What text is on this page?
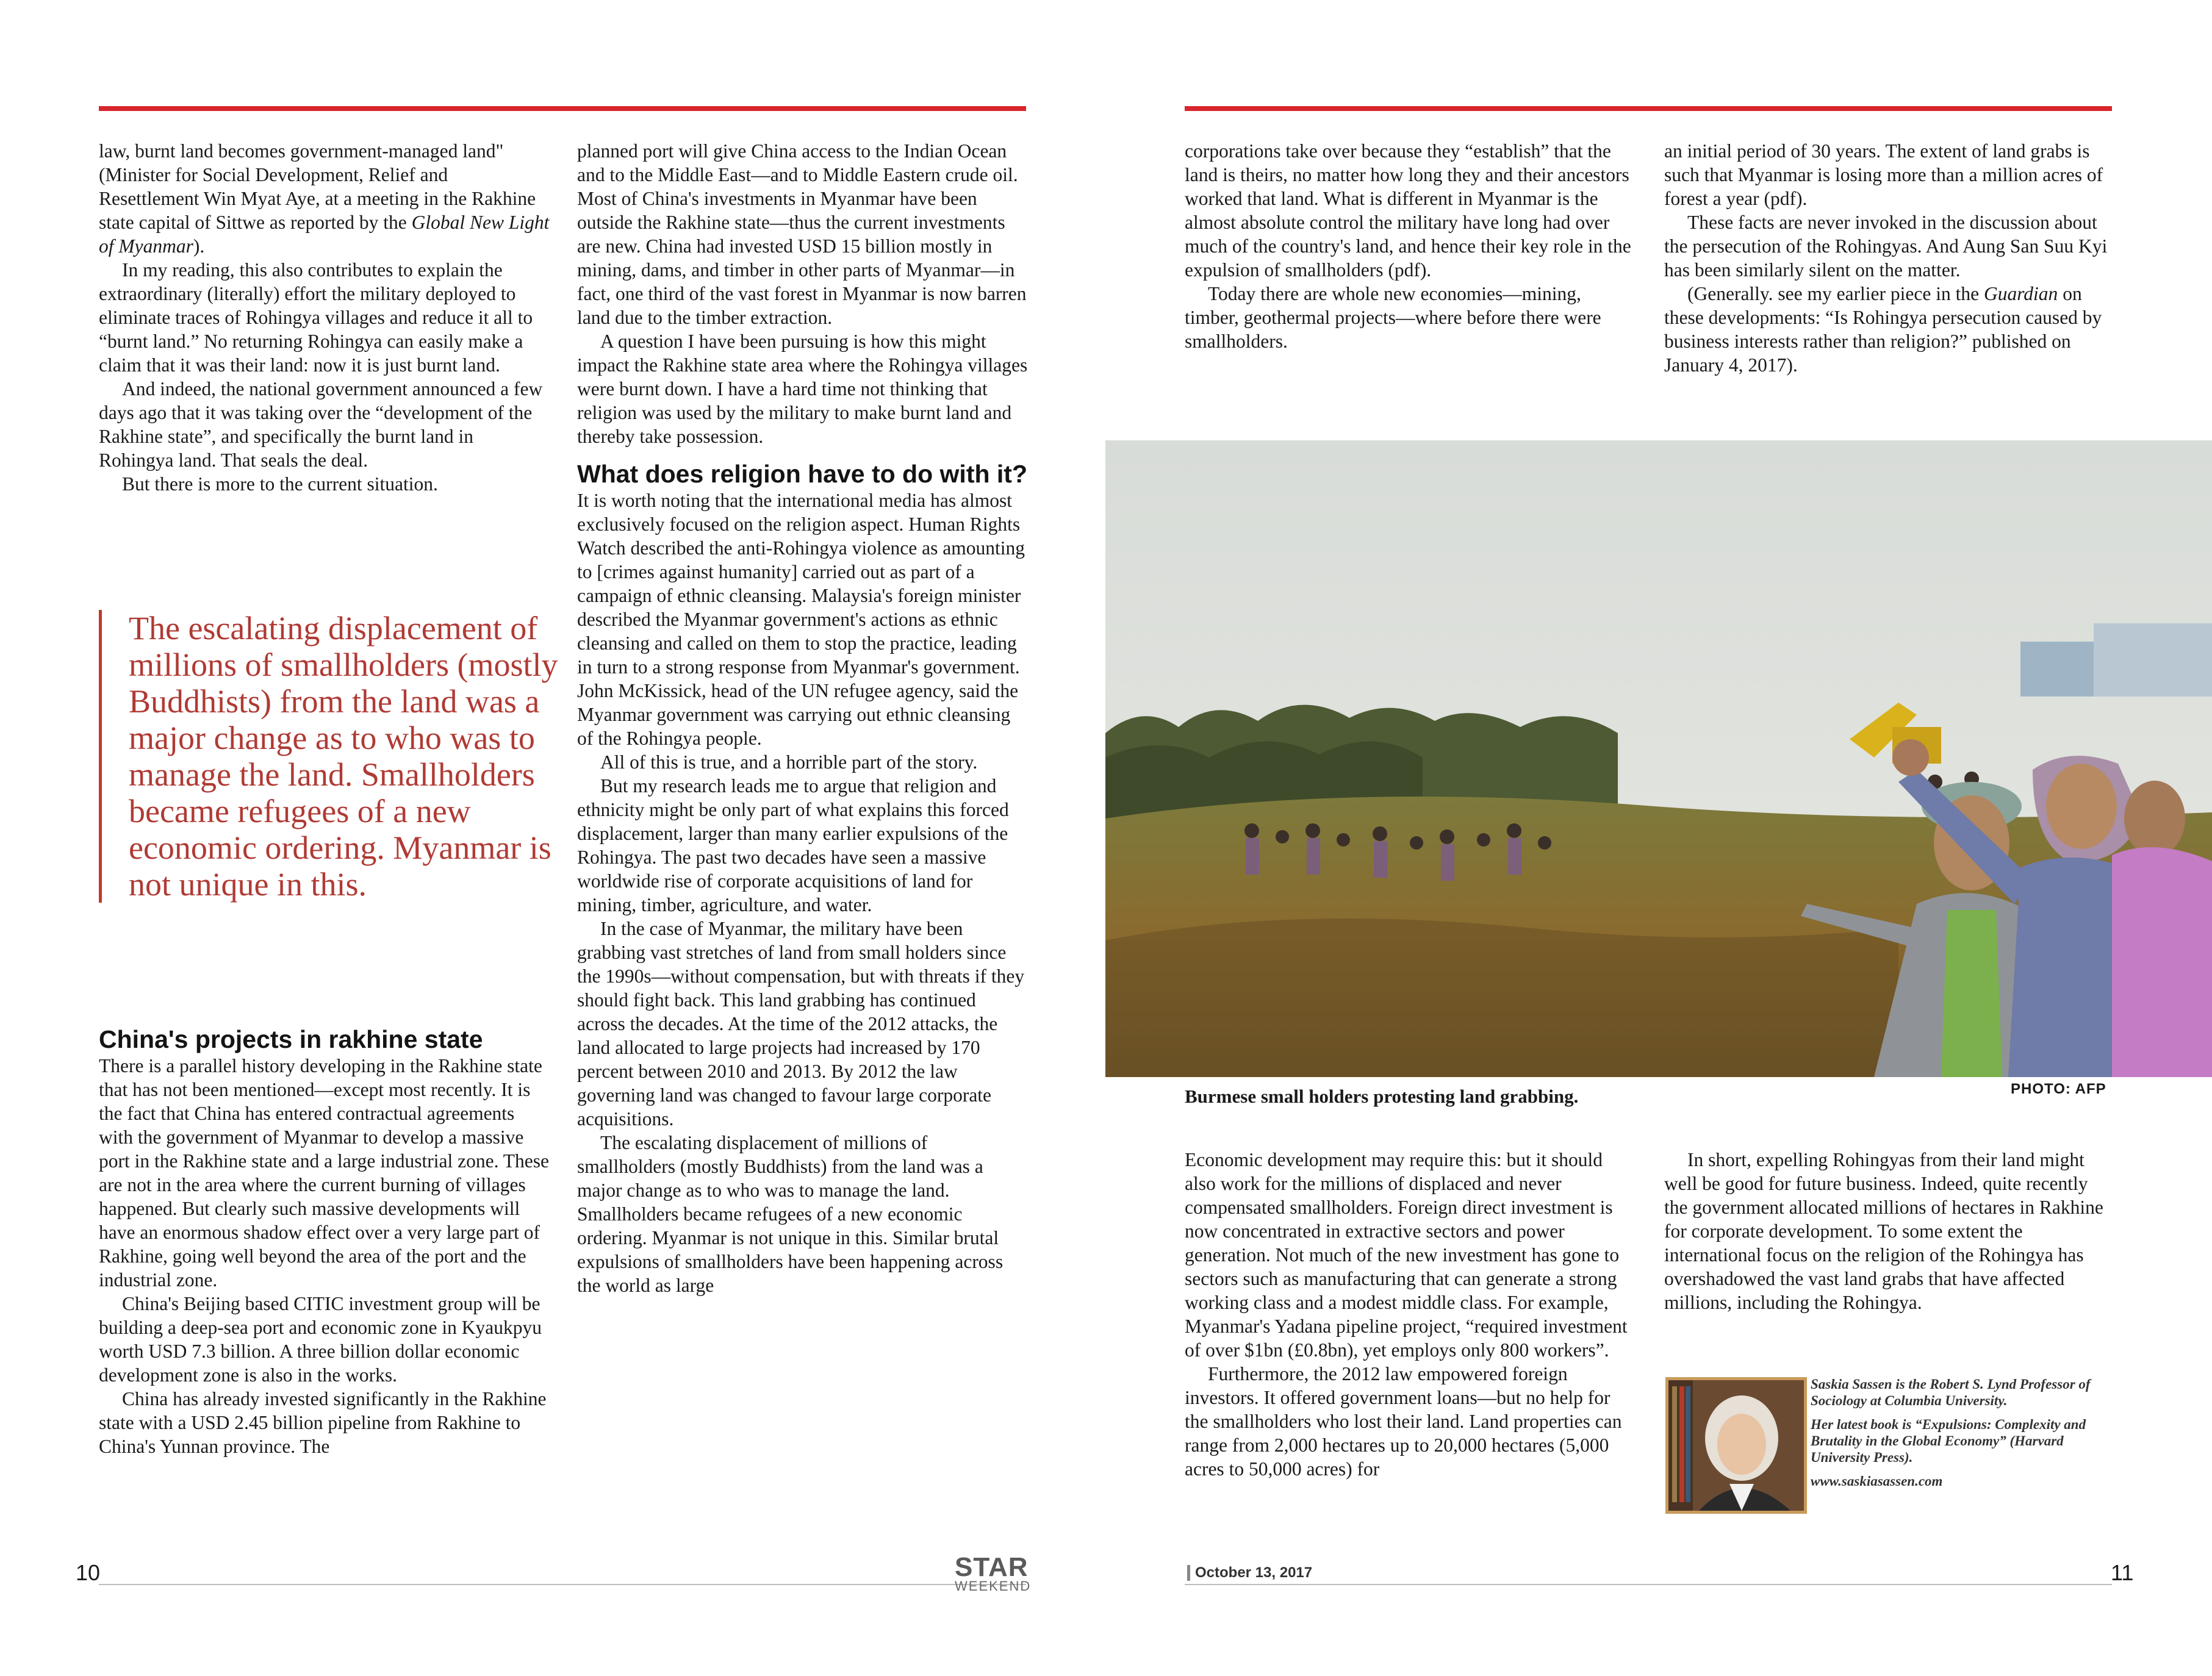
law, burnt land becomes government-managed land" (Minister for Social Development, Relief and Resettlement Win Myat Aye, at a meeting in the Rakhine state capital of Sittwe as reported by the Global New Light of Myanmar).

In my reading, this also contributes to explain the extraordinary (literally) effort the military deployed to eliminate traces of Rohingya villages and reduce it all to “burnt land.” No returning Rohingya can easily make a claim that it was their land: now it is just burnt land.

And indeed, the national government announced a few days ago that it was taking over the “development of the Rakhine state”, and specifically the burnt land in Rohingya land. That seals the deal.

But there is more to the current situation.

The escalating displacement of millions of smallholders (mostly Buddhists) from the land was a major change as to who was to manage the land. Smallholders became refugees of a new economic ordering. Myanmar is not unique in this.
China's projects in rakhine state

There is a parallel history developing in the Rakhine state that has not been mentioned—except most recently. It is the fact that China has entered contractual agreements with the government of Myanmar to develop a massive port in the Rakhine state and a large industrial zone. These are not in the area where the current burning of villages happened. But clearly such massive developments will have an enormous shadow effect over a very large part of Rakhine, going well beyond the area of the port and the industrial zone.

China's Beijing based CITIC investment group will be building a deep-sea port and economic zone in Kyaukpyu worth USD 7.3 billion. A three billion dollar economic development zone is also in the works.

China has already invested significantly in the Rakhine state with a USD 2.45 billion pipeline from Rakhine to China's Yunnan province. The

planned port will give China access to the Indian Ocean and to the Middle East—and to Middle Eastern crude oil. Most of China's investments in Myanmar have been outside the Rakhine state—thus the current investments are new. China had invested USD 15 billion mostly in mining, dams, and timber in other parts of Myanmar—in fact, one third of the vast forest in Myanmar is now barren land due to the timber extraction.

A question I have been pursuing is how this might impact the Rakhine state area where the Rohingya villages were burnt down. I have a hard time not thinking that religion was used by the military to make burnt land and thereby take possession.

What does religion have to do with it?

It is worth noting that the international media has almost exclusively focused on the religion aspect. Human Rights Watch described the anti-Rohingya violence as amounting to [crimes against humanity] carried out as part of a campaign of ethnic cleansing. Malaysia's foreign minister described the Myanmar government's actions as ethnic cleansing and called on them to stop the practice, leading in turn to a strong response from Myanmar's government. John McKissick, head of the UN refugee agency, said the Myanmar government was carrying out ethnic cleansing of the Rohingya people.

All of this is true, and a horrible part of the story.

But my research leads me to argue that religion and ethnicity might be only part of what explains this forced displacement, larger than many earlier expulsions of the Rohingya. The past two decades have seen a massive worldwide rise of corporate acquisitions of land for mining, timber, agriculture, and water.

In the case of Myanmar, the military have been grabbing vast stretches of land from small holders since the 1990s—without compensation, but with threats if they should fight back. This land grabbing has continued across the decades. At the time of the 2012 attacks, the land allocated to large projects had increased by 170 percent between 2010 and 2013. By 2012 the law governing land was changed to favour large corporate acquisitions.

The escalating displacement of millions of smallholders (mostly Buddhists) from the land was a major change as to who was to manage the land. Smallholders became refugees of a new economic ordering. Myanmar is not unique in this. Similar brutal expulsions of smallholders have been happening across the world as large

corporations take over because they “establish” that the land is theirs, no matter how long they and their ancestors worked that land. What is different in Myanmar is the almost absolute control the military have long had over much of the country's land, and hence their key role in the expulsion of smallholders (pdf).

Today there are whole new economies—mining, timber, geothermal projects—where before there were smallholders.

an initial period of 30 years. The extent of land grabs is such that Myanmar is losing more than a million acres of forest a year (pdf).

These facts are never invoked in the discussion about the persecution of the Rohingyas. And Aung San Suu Kyi has been similarly silent on the matter.

(Generally. see my earlier piece in the Guardian on these developments: “Is Rohingya persecution caused by business interests rather than religion?” published on January 4, 2017).

Burmese small holders protesting land grabbing.	PHOTO: AFP

Economic development may require this: but it should also work for the millions of displaced and never compensated smallholders. Foreign direct investment is now concentrated in extractive sectors and power generation. Not much of the new investment has gone to sectors such as manufacturing that can generate a strong working class and a modest middle class. For example, Myanmar's Yadana pipeline project, “required investment of over $1bn (£0.8bn), yet employs only 800 workers”.

Furthermore, the 2012 law empowered foreign investors. It offered government loans—but no help for the smallholders who lost their land. Land properties can range from 2,000 hectares up to 20,000 hectares (5,000 acres to 50,000 acres) for

In short, expelling Rohingyas from their land might well be good for future business. Indeed, quite recently the government allocated millions of hectares in Rakhine for corporate development. To some extent the international focus on the religion of the Rohingya has overshadowed the vast land grabs that have affected millions, including the Rohingya.

Saskia Sassen is the Robert S. Lynd Professor of Sociology at Columbia University.

Her latest book is “Expulsions: Complexity and Brutality in the Global Economy” (Harvard University Press).

www.saskiasassen.com

10	11
STAR
WEEKEND
October 13, 2017
